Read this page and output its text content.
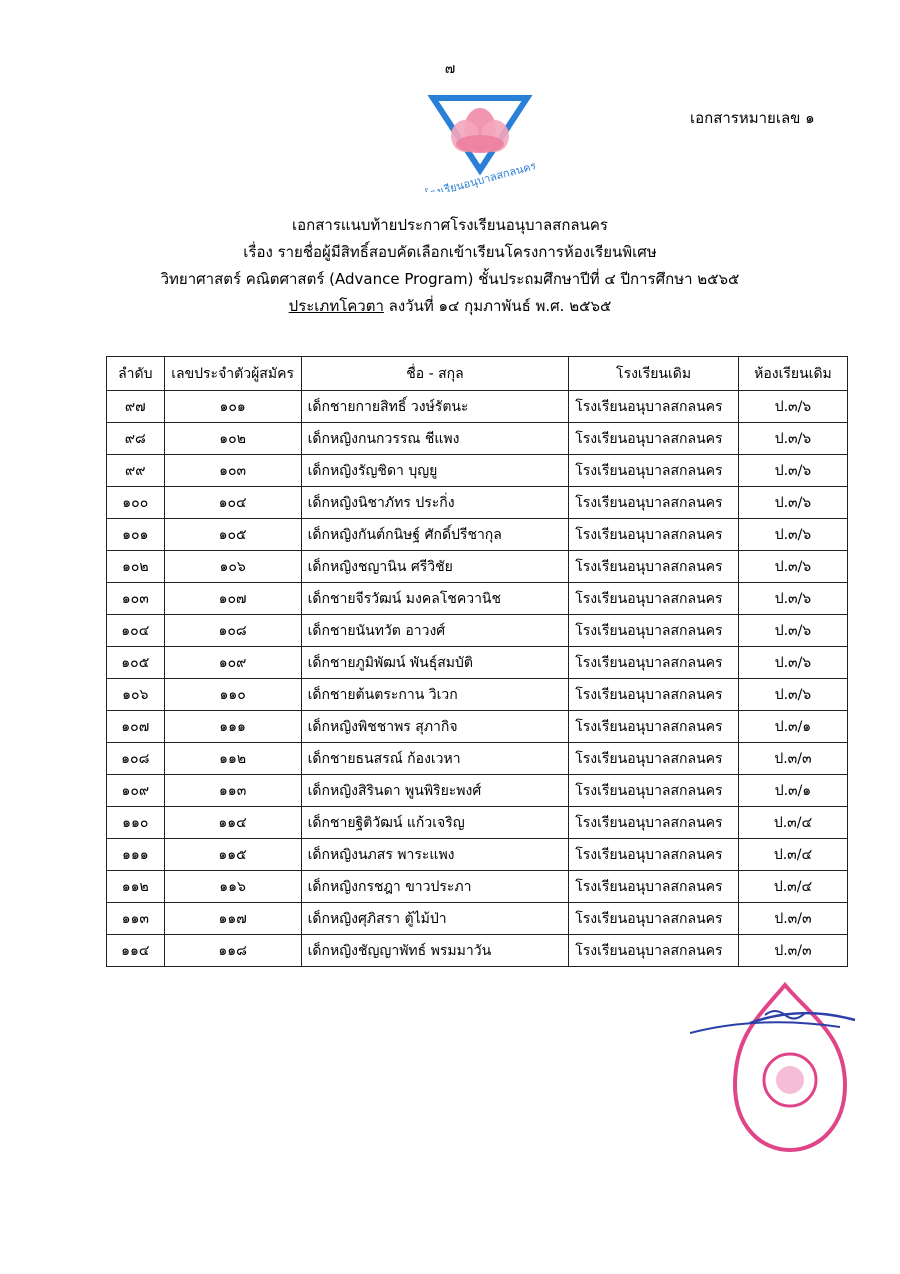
๗
เอกสารหมายเลข ๑
โรงเรียนอนุบาลสกลนคร
เอกสารแนบท้ายประกาศโรงเรียนอนุบาลสกลนคร
เรื่อง รายชื่อผู้มีสิทธิ์สอบคัดเลือกเข้าเรียนโครงการห้องเรียนพิเศษ
วิทยาศาสตร์ คณิตศาสตร์ (Advance Program) ชั้นประถมศึกษาปีที่ ๔ ปีการศึกษา ๒๕๖๕
ประเภทโควตา ลงวันที่ ๑๔ กุมภาพันธ์ พ.ศ. ๒๕๖๕
ลำดับ	เลขประจำตัวผู้สมัคร	ชื่อ - สกุล	โรงเรียนเดิม	ห้องเรียนเดิม
๙๗	๑๐๑	เด็กชายกายสิทธิ์ วงษ์รัตนะ	โรงเรียนอนุบาลสกลนคร	ป.๓/๖
๙๘	๑๐๒	เด็กหญิงกนกวรรณ ชีแพง	โรงเรียนอนุบาลสกลนคร	ป.๓/๖
๙๙	๑๐๓	เด็กหญิงรัญชิดา บุญยู	โรงเรียนอนุบาลสกลนคร	ป.๓/๖
๑๐๐	๑๐๔	เด็กหญิงนิชาภัทร ประกิ่ง	โรงเรียนอนุบาลสกลนคร	ป.๓/๖
๑๐๑	๑๐๕	เด็กหญิงกันต์กนิษฐ์ ศักดิ์ปรีชากุล	โรงเรียนอนุบาลสกลนคร	ป.๓/๖
๑๐๒	๑๐๖	เด็กหญิงชญานิน ศรีวิชัย	โรงเรียนอนุบาลสกลนคร	ป.๓/๖
๑๐๓	๑๐๗	เด็กชายจีรวัฒน์ มงคลโชควานิช	โรงเรียนอนุบาลสกลนคร	ป.๓/๖
๑๐๔	๑๐๘	เด็กชายนันทวัต อาวงศ์	โรงเรียนอนุบาลสกลนคร	ป.๓/๖
๑๐๕	๑๐๙	เด็กชายภูมิพัฒน์ พันธุ์สมบัติ	โรงเรียนอนุบาลสกลนคร	ป.๓/๖
๑๐๖	๑๑๐	เด็กชายต้นตระกาน วิเวก	โรงเรียนอนุบาลสกลนคร	ป.๓/๖
๑๐๗	๑๑๑	เด็กหญิงพิชชาพร สุภากิจ	โรงเรียนอนุบาลสกลนคร	ป.๓/๑
๑๐๘	๑๑๒	เด็กชายธนสรณ์ ก้องเวหา	โรงเรียนอนุบาลสกลนคร	ป.๓/๓
๑๐๙	๑๑๓	เด็กหญิงสิรินดา พูนพิริยะพงศ์	โรงเรียนอนุบาลสกลนคร	ป.๓/๑
๑๑๐	๑๑๔	เด็กชายฐิติวัฒน์ แก้วเจริญ	โรงเรียนอนุบาลสกลนคร	ป.๓/๔
๑๑๑	๑๑๕	เด็กหญิงนภสร พาระแพง	โรงเรียนอนุบาลสกลนคร	ป.๓/๔
๑๑๒	๑๑๖	เด็กหญิงกรชฎา ขาวประภา	โรงเรียนอนุบาลสกลนคร	ป.๓/๔
๑๑๓	๑๑๗	เด็กหญิงศุภิสรา ตู้ไม้ป่า	โรงเรียนอนุบาลสกลนคร	ป.๓/๓
๑๑๔	๑๑๘	เด็กหญิงชัญญาพัทธ์ พรมมาวัน	โรงเรียนอนุบาลสกลนคร	ป.๓/๓
